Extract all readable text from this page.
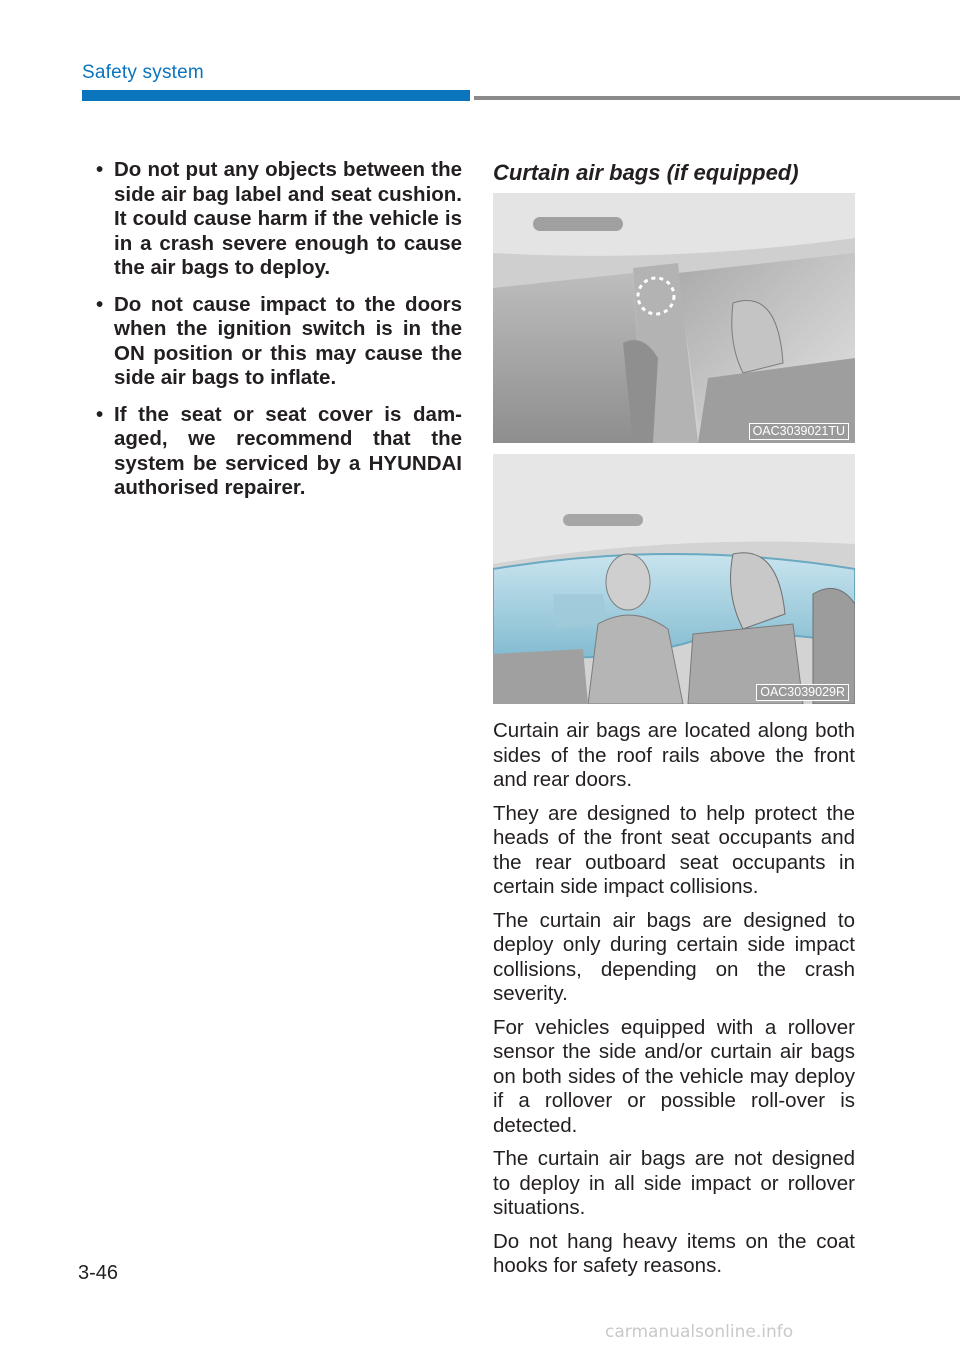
Safety system
• Do not put any objects between the side air bag label and seat cushion. It could cause harm if the vehicle is in a crash severe enough to cause the air bags to deploy.
• Do not cause impact to the doors when the ignition switch is in the ON position or this may cause the side air bags to inflate.
• If the seat or seat cover is dam-aged, we recommend that the system be serviced by a HYUNDAI authorised repairer.
Curtain air bags (if equipped)
OAC3039021TU
OAC3039029R

Curtain air bags are located along both sides of the roof rails above the front and rear doors.

They are designed to help protect the heads of the front seat occupants and the rear outboard seat occupants in certain side impact collisions.

The curtain air bags are designed to deploy only during certain side impact collisions, depending on the crash severity.

For vehicles equipped with a rollover sensor the side and/or curtain air bags on both sides of the vehicle may deploy if a rollover or possible roll-over is detected.

The curtain air bags are not designed to deploy in all side impact or rollover situations.

Do not hang heavy items on the coat hooks for safety reasons.

3-46
carmanualsonline.info
